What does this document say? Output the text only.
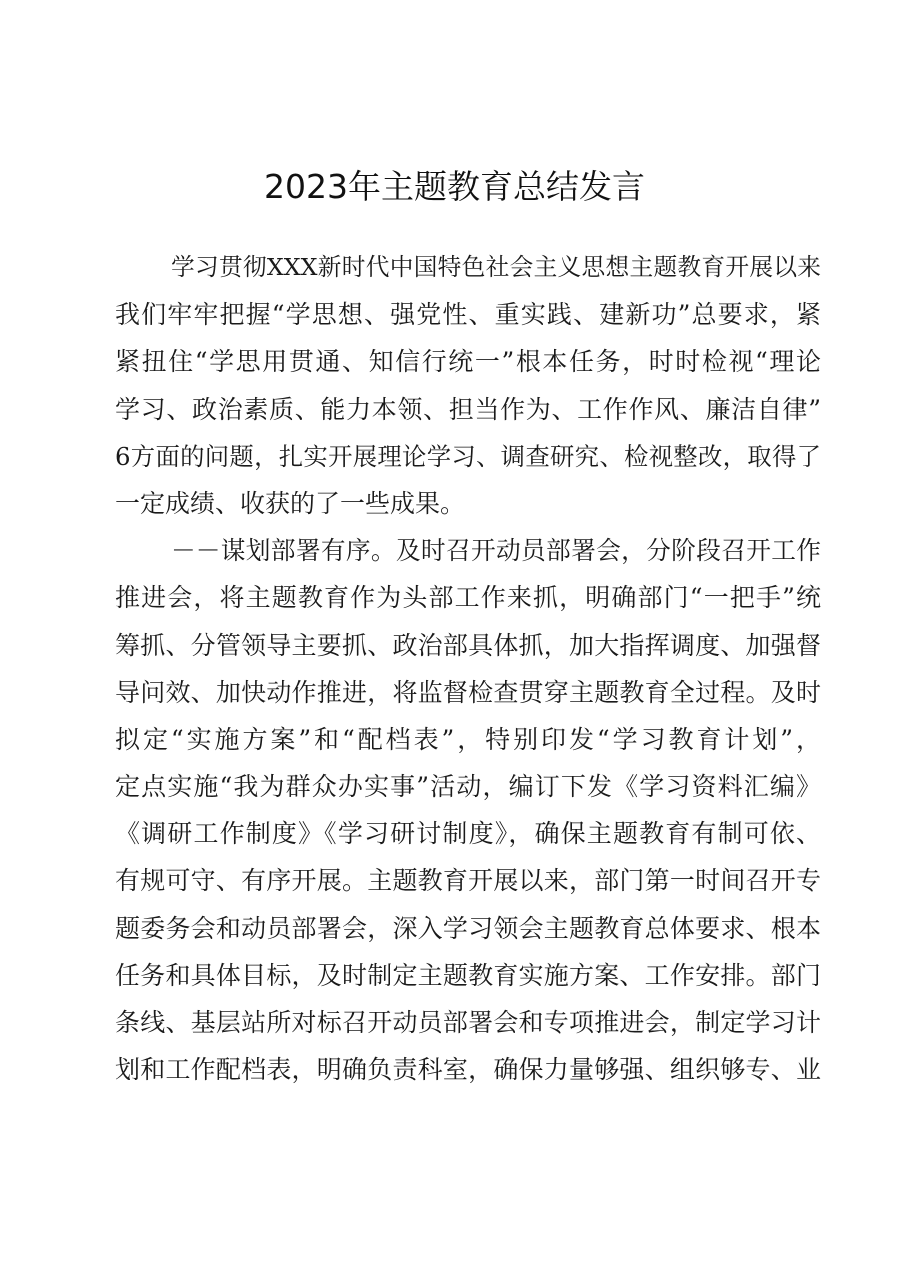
2023年主题教育总结发言
学习贯彻XXX新时代中国特色社会主义思想主题教育开展以来
我们牢牢把握“学思想、强党性、重实践、建新功”总要求，紧
紧扭住“学思用贯通、知信行统一”根本任务，时时检视“理论
学习、政治素质、能力本领、担当作为、工作作风、廉洁自律”
6方面的问题，扎实开展理论学习、调查研究、检视整改，取得了
一定成绩、收获的了一些成果。
－－谋划部署有序。及时召开动员部署会，分阶段召开工作
推进会，将主题教育作为头部工作来抓，明确部门“一把手”统
筹抓、分管领导主要抓、政治部具体抓，加大指挥调度、加强督
导问效、加快动作推进，将监督检查贯穿主题教育全过程。及时
拟定“实施方案”和“配档表”，特别印发“学习教育计划”，
定点实施“我为群众办实事”活动，编订下发《学习资料汇编》
《调研工作制度》《学习研讨制度》，确保主题教育有制可依、
有规可守、有序开展。主题教育开展以来，部门第一时间召开专
题委务会和动员部署会，深入学习领会主题教育总体要求、根本
任务和具体目标，及时制定主题教育实施方案、工作安排。部门
条线、基层站所对标召开动员部署会和专项推进会，制定学习计
划和工作配档表，明确负责科室，确保力量够强、组织够专、业
